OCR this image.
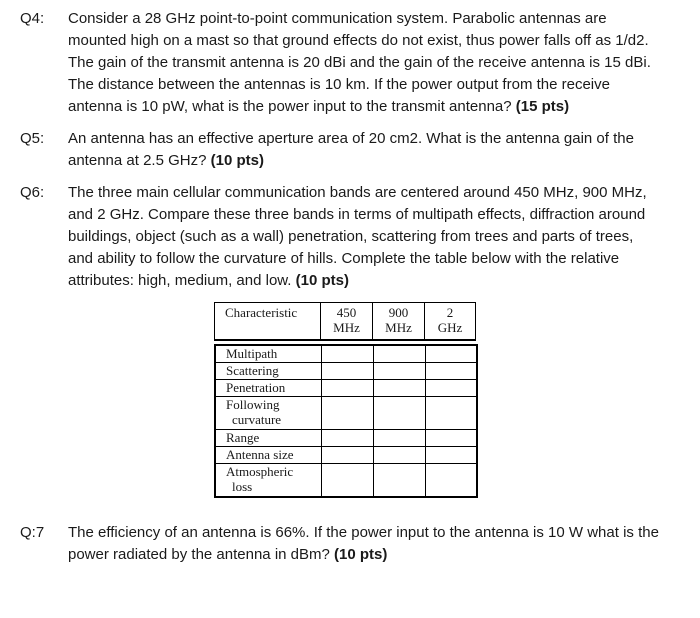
Q4: Consider a 28 GHz point-to-point communication system. Parabolic antennas are
mounted high on a mast so that ground effects do not exist, thus power falls off as 1/d2.
The gain of the transmit antenna is 20 dBi and the gain of the receive antenna is 15 dBi.
The distance between the antennas is 10 km. If the power output from the receive
antenna is 10 pW, what is the power input to the transmit antenna? (15 pts)
Q5: An antenna has an effective aperture area of 20 cm2. What is the antenna gain of the
antenna at 2.5 GHz? (10 pts)
Q6: The three main cellular communication bands are centered around 450 MHz, 900 MHz,
and 2 GHz. Compare these three bands in terms of multipath effects, diffraction around
buildings, object (such as a wall) penetration, scattering from trees and parts of trees,
and ability to follow the curvature of hills. Complete the table below with the relative
attributes: high, medium, and low. (10 pts)
Characteristic	450
MHz
900
MHz
2
GHz
Multipath
Scattering
Penetration
Following
curvature
Range
Antenna size
Atmospheric
loss
Q:7 The efficiency of an antenna is 66%. If the power input to the antenna is 10 W what is the
power radiated by the antenna in dBm? (10 pts)
